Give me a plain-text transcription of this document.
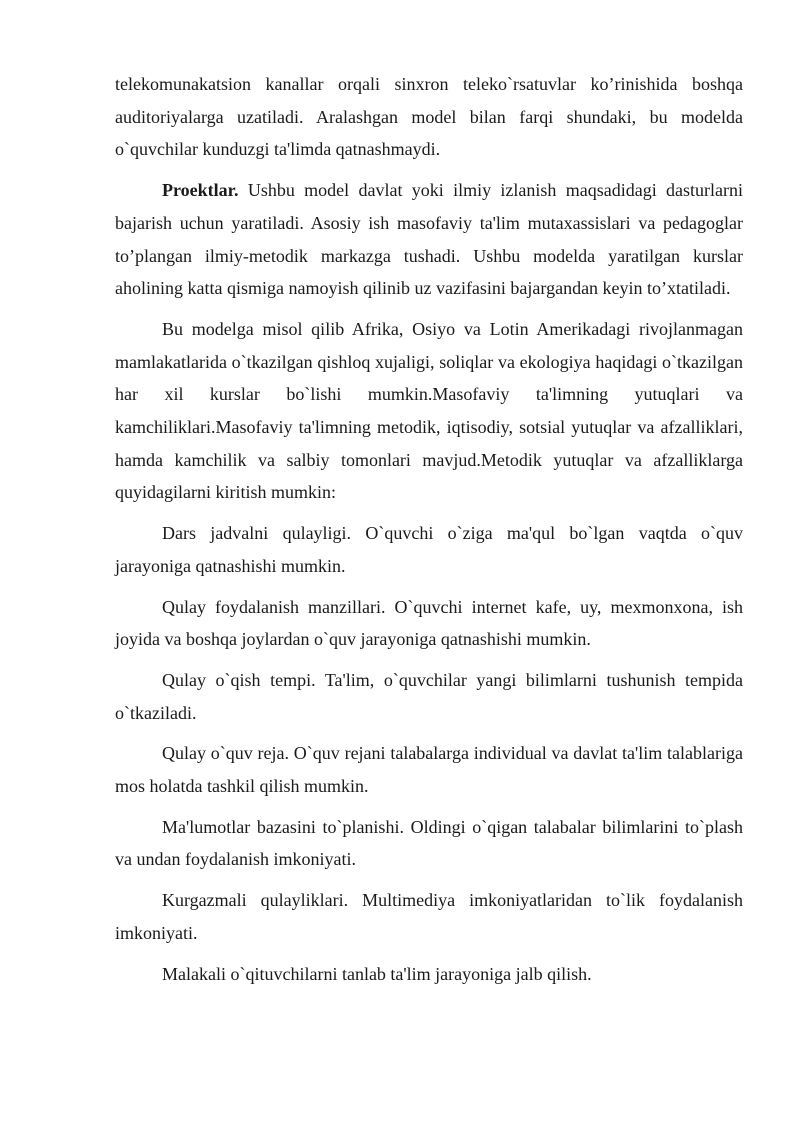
telekomunakatsion kanallar orqali sinxron teleko`rsatuvlar ko’rinishida boshqa auditoriyalarga uzatiladi. Aralashgan model bilan farqi shundaki, bu modelda o`quvchilar kunduzgi ta'limda qatnashmaydi.

Proektlar. Ushbu model davlat yoki ilmiy izlanish maqsadidagi dasturlarni bajarish uchun yaratiladi. Asosiy ish masofaviy ta'lim mutaxassislari va pedagoglar to’plangan ilmiy-metodik markazga tushadi. Ushbu modelda yaratilgan kurslar aholining katta qismiga namoyish qilinib uz vazifasini bajargandan keyin to’xtatiladi.

Bu modelga misol qilib Afrika, Osiyo va Lotin Amerikadagi rivojlanmagan mamlakatlarida o`tkazilgan qishloq xujaligi, soliqlar va ekologiya haqidagi o`tkazilgan har xil kurslar bo`lishi mumkin.Masofaviy ta'limning yutuqlari va kamchiliklari.Masofaviy ta'limning metodik, iqtisodiy, sotsial yutuqlar va afzalliklari, hamda kamchilik va salbiy tomonlari mavjud.Metodik yutuqlar va afzalliklarga quyidagilarni kiritish mumkin:

Dars jadvalni qulayligi. O`quvchi o`ziga ma'qul bo`lgan vaqtda o`quv jarayoniga qatnashishi mumkin.

Qulay foydalanish manzillari. O`quvchi internet kafe, uy, mexmonxona, ish joyida va boshqa joylardan o`quv jarayoniga qatnashishi mumkin.

Qulay o`qish tempi. Ta'lim, o`quvchilar yangi bilimlarni tushunish tempida o`tkaziladi.

Qulay o`quv reja. O`quv rejani talabalarga individual va davlat ta'lim talablariga mos holatda tashkil qilish mumkin.

Ma'lumotlar bazasini to`planishi. Oldingi o`qigan talabalar bilimlarini to`plash va undan foydalanish imkoniyati.

Kurgazmali qulayliklari. Multimediya imkoniyatlaridan to`lik foydalanish imkoniyati.

Malakali o`qituvchilarni tanlab ta'lim jarayoniga jalb qilish.
